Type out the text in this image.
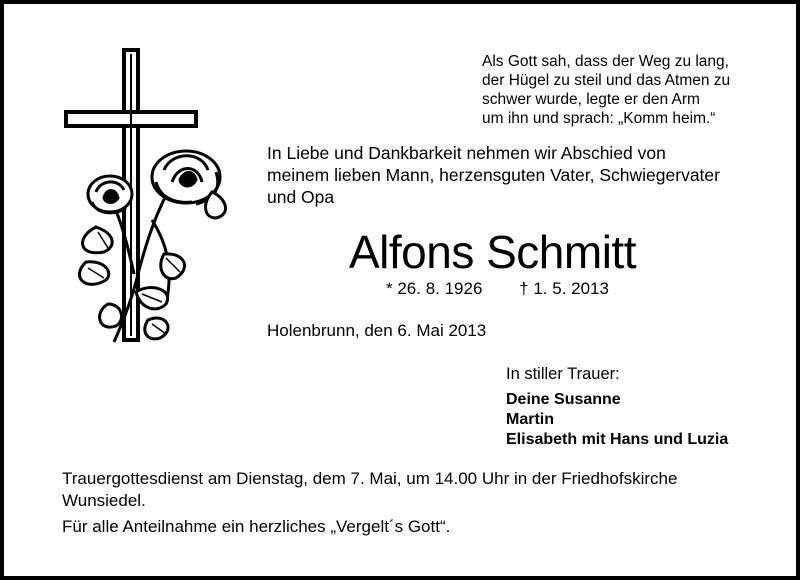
Als Gott sah, dass der Weg zu lang,
der Hügel zu steil und das Atmen zu
schwer wurde, legte er den Arm
um ihn und sprach: „Komm heim.“
In Liebe und Dankbarkeit nehmen wir Abschied von
meinem lieben Mann, herzensguten Vater, Schwiegervater
und Opa
Alfons Schmitt
* 26. 8. 1926 † 1. 5. 2013
Holenbrunn, den 6. Mai 2013
In stiller Trauer:
Deine Susanne
Martin
Elisabeth mit Hans und Luzia
Trauergottesdienst am Dienstag, dem 7. Mai, um 14.00 Uhr in der Friedhofskirche
Wunsiedel.
Für alle Anteilnahme ein herzliches „Vergelt´s Gott“.
